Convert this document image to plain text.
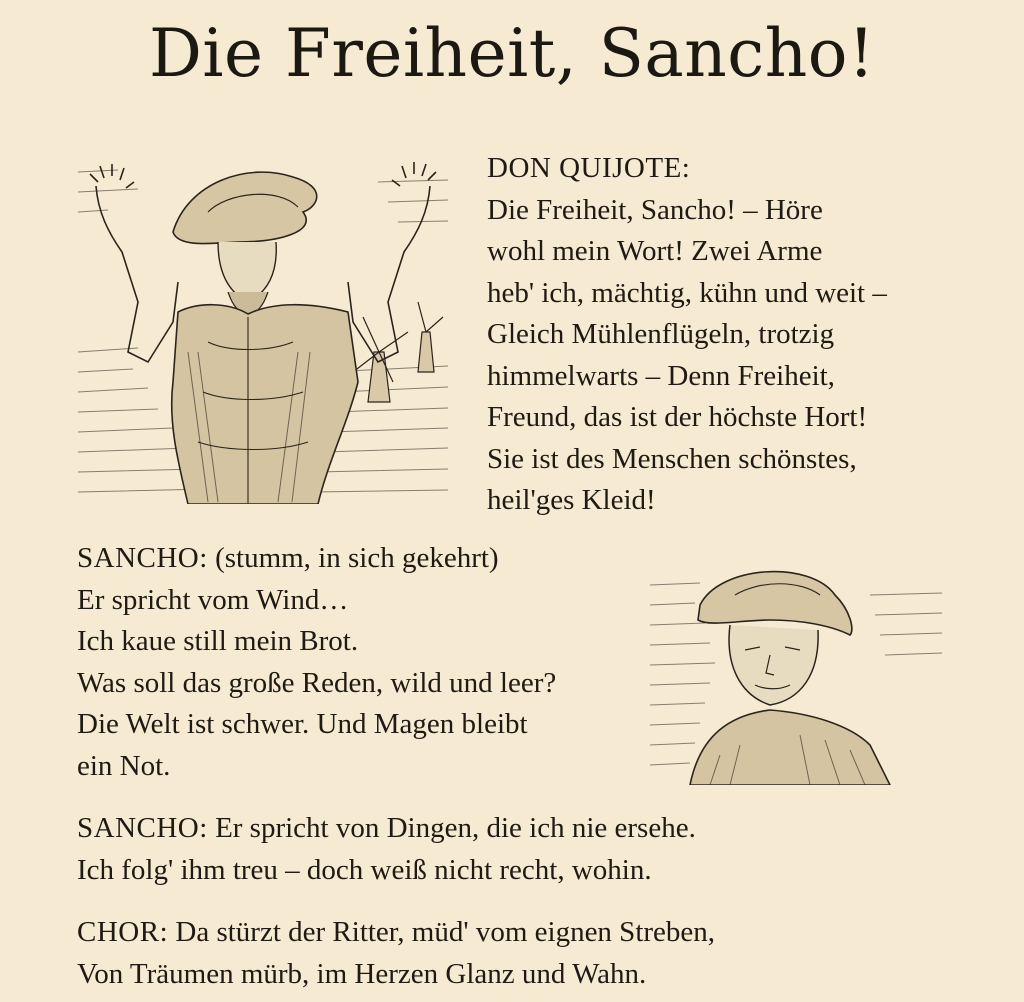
Die Freiheit, Sancho!
DON QUIJOTE:
Die Freiheit, Sancho! – Höre
wohl mein Wort! Zwei Arme
heb' ich, mächtig, kühn und weit –
Gleich Mühlenflügeln, trotzig
himmelwarts – Denn Freiheit,
Freund, das ist der höchste Hort!
Sie ist des Menschen schönstes,
heil'ges Kleid!
SANCHO: (stumm, in sich gekehrt)
Er spricht vom Wind…
Ich kaue still mein Brot.
Was soll das große Reden, wild und leer?
Die Welt ist schwer. Und Magen bleibt
ein Not.
SANCHO: Er spricht von Dingen, die ich nie ersehe.
Ich folg' ihm treu – doch weiß nicht recht, wohin.
CHOR: Da stürzt der Ritter, müd' vom eignen Streben,
Von Träumen mürb, im Herzen Glanz und Wahn.
